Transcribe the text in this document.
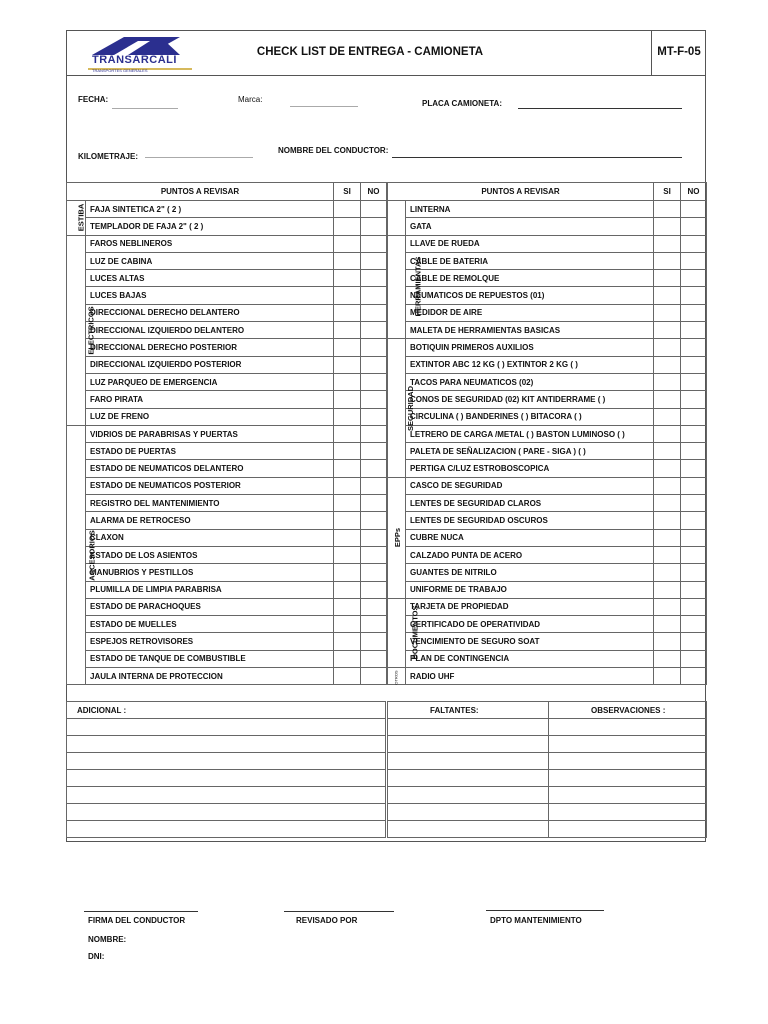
TRANSARCALI
TRANSPORTES GENERALES
CHECK LIST DE ENTREGA - CAMIONETA	MT-F-05
FECHA:	Marca:	PLACA CAMIONETA:
NOMBRE DEL CONDUCTOR:
KILOMETRAJE:
PUNTOS A REVISAR		SI	NO
ESTIBA	FAJA SINTETICA 2" ( 2 )		
	TEMPLADOR DE FAJA 2" ( 2 )		
ELECTRICOS	FAROS NEBLINEROS		
	LUZ DE CABINA		
	LUCES ALTAS		
	LUCES BAJAS		
	DIRECCIONAL DERECHO DELANTERO		
	DIRECCIONAL IZQUIERDO DELANTERO		
	DIRECCIONAL DERECHO POSTERIOR		
	DIRECCIONAL IZQUIERDO POSTERIOR		
	LUZ PARQUEO DE EMERGENCIA		
	FARO PIRATA		
	LUZ DE FRENO		
ACCESORIOS	VIDRIOS DE PARABRISAS Y PUERTAS		
	ESTADO DE PUERTAS		
	ESTADO DE NEUMATICOS DELANTERO		
	ESTADO DE NEUMATICOS POSTERIOR		
	REGISTRO DEL MANTENIMIENTO		
	ALARMA DE RETROCESO		
	CLAXON		
	ESTADO DE LOS ASIENTOS		
	MANUBRIOS Y PESTILLOS		
	PLUMILLA DE LIMPIA PARABRISA		
	ESTADO DE PARACHOQUES		
	ESTADO DE MUELLES		
	ESPEJOS RETROVISORES		
	ESTADO DE TANQUE DE COMBUSTIBLE		
	JAULA INTERNA DE PROTECCION		
PUNTOS A REVISAR		SI	NO
	LINTERNA		
	GATA		
HERRAMIENTAS	LLAVE DE RUEDA		
	CABLE DE BATERIA		
	CABLE DE REMOLQUE		
	NEUMATICOS DE REPUESTOS (01)		
	MEDIDOR DE AIRE		
	MALETA DE HERRAMIENTAS BASICAS		
SEGURIDAD	BOTIQUIN PRIMEROS AUXILIOS		
	EXTINTOR ABC 12 KG ( ) EXTINTOR 2 KG ( )		
	TACOS PARA NEUMATICOS (02)		
	CONOS DE SEGURIDAD (02) KIT ANTIDERRAME ( )		
	CIRCULINA ( ) BANDERINES ( ) BITACORA ( )		
	LETRERO DE CARGA /METAL ( ) BASTON LUMINOSO ( )		
	PALETA DE SEÑALIZACION ( PARE - SIGA ) ( )		
	PERTIGA C/LUZ ESTROBOSCOPICA		
EPPs	CASCO DE SEGURIDAD		
	LENTES DE SEGURIDAD CLAROS		
	LENTES DE SEGURIDAD OSCUROS		
	CUBRE NUCA		
	CALZADO PUNTA DE ACERO		
	GUANTES DE NITRILO		
	UNIFORME DE TRABAJO		
DOCUMENTOS	TARJETA DE PROPIEDAD		
	CERTIFICADO DE OPERATIVIDAD		
	VENCIMIENTO DE SEGURO SOAT		
	PLAN DE CONTINGENCIA		
OTROS	RADIO UHF		
ADICIONAL :	FALTANTES:	OBSERVACIONES :

FIRMA DEL CONDUCTOR	REVISADO POR	DPTO MANTENIMIENTO
NOMBRE:
DNI:
